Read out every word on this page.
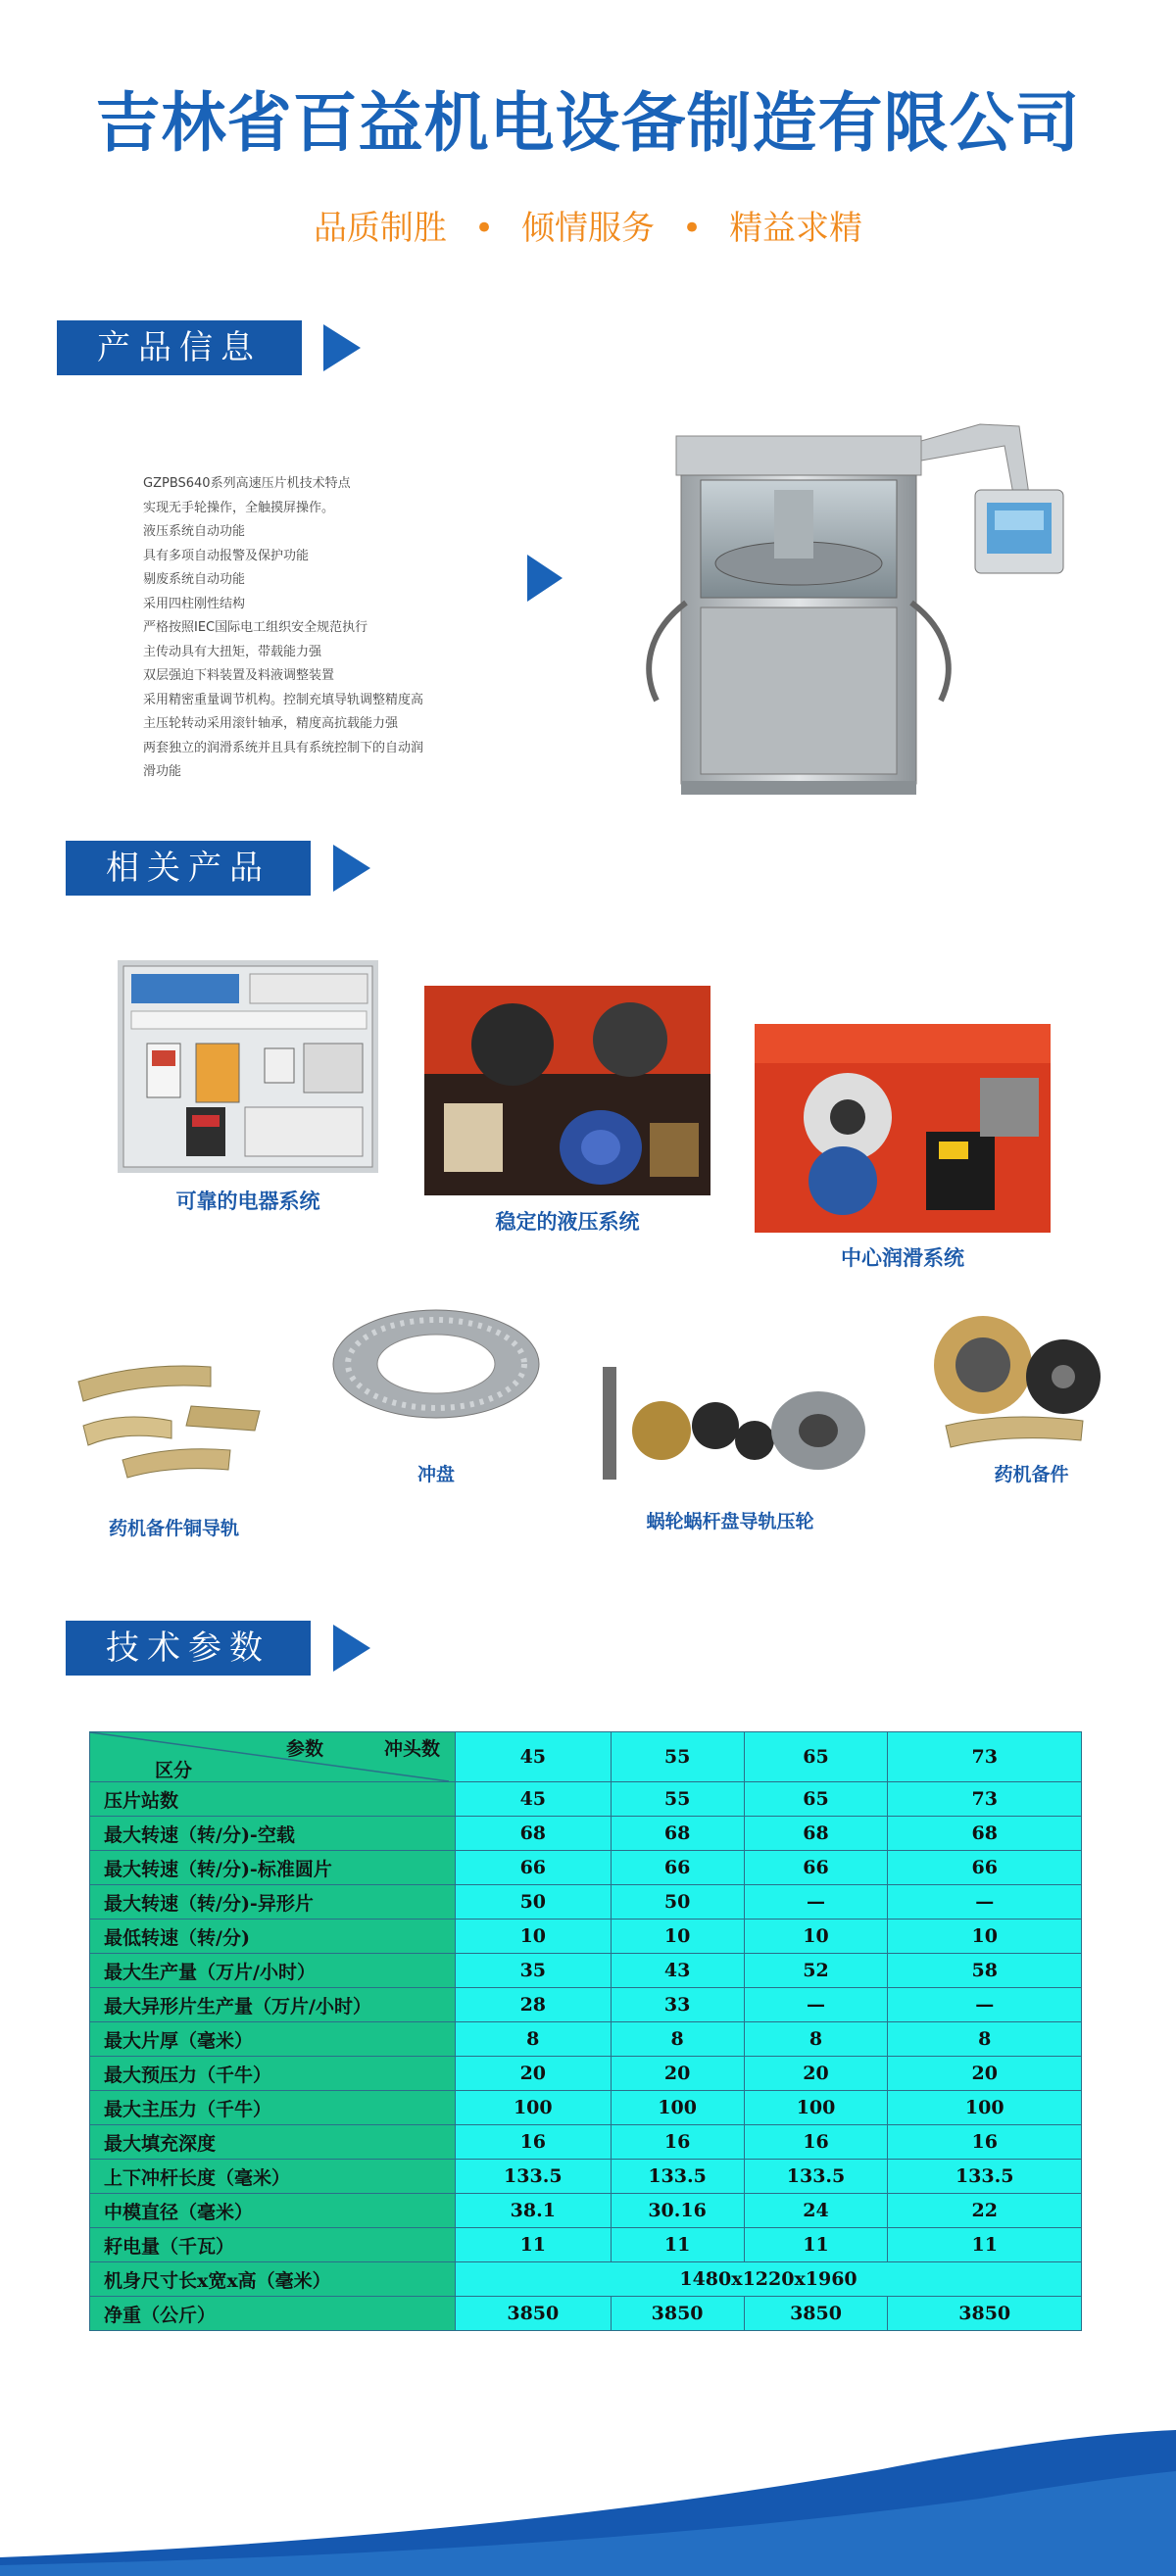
吉林省百益机电设备制造有限公司
品质制胜 • 倾情服务 • 精益求精
产品信息
GZPBS640系列高速压片机技术特点
实现无手轮操作，全触摸屏操作。
液压系统自动功能
具有多项自动报警及保护功能
剔废系统自动功能
采用四柱刚性结构
严格按照IEC国际电工组织安全规范执行
主传动具有大扭矩，带载能力强
双层强迫下料装置及料液调整装置
采用精密重量调节机构。控制充填导轨调整精度高
主压轮转动采用滚针轴承，精度高抗载能力强
两套独立的润滑系统并且具有系统控制下的自动润
滑功能
相关产品
可靠的电器系统
稳定的液压系统
中心润滑系统
药机备件铜导轨
冲盘
蜗轮蜗杆盘导轨压轮
药机备件
技术参数
参数 冲头数
区分	45	55	65	73
压片站数	45	55	65	73
最大转速（转/分)-空载	68	68	68	68
最大转速（转/分)-标准圆片	66	66	66	66
最大转速（转/分)-异形片	50	50	—	—
最低转速（转/分)	10	10	10	10
最大生产量（万片/小时）	35	43	52	58
最大异形片生产量（万片/小时）	28	33	—	—
最大片厚（毫米）	8	8	8	8
最大预压力（千牛）	20	20	20	20
最大主压力（千牛）	100	100	100	100
最大填充深度	16	16	16	16
上下冲杆长度（毫米）	133.5	133.5	133.5	133.5
中模直径（毫米）	38.1	30.16	24	22
耔电量（千瓦）	11	11	11	11
机身尺寸长x宽x高（毫米）	1480x1220x1960			
净重（公斤）	3850	3850	3850	3850
